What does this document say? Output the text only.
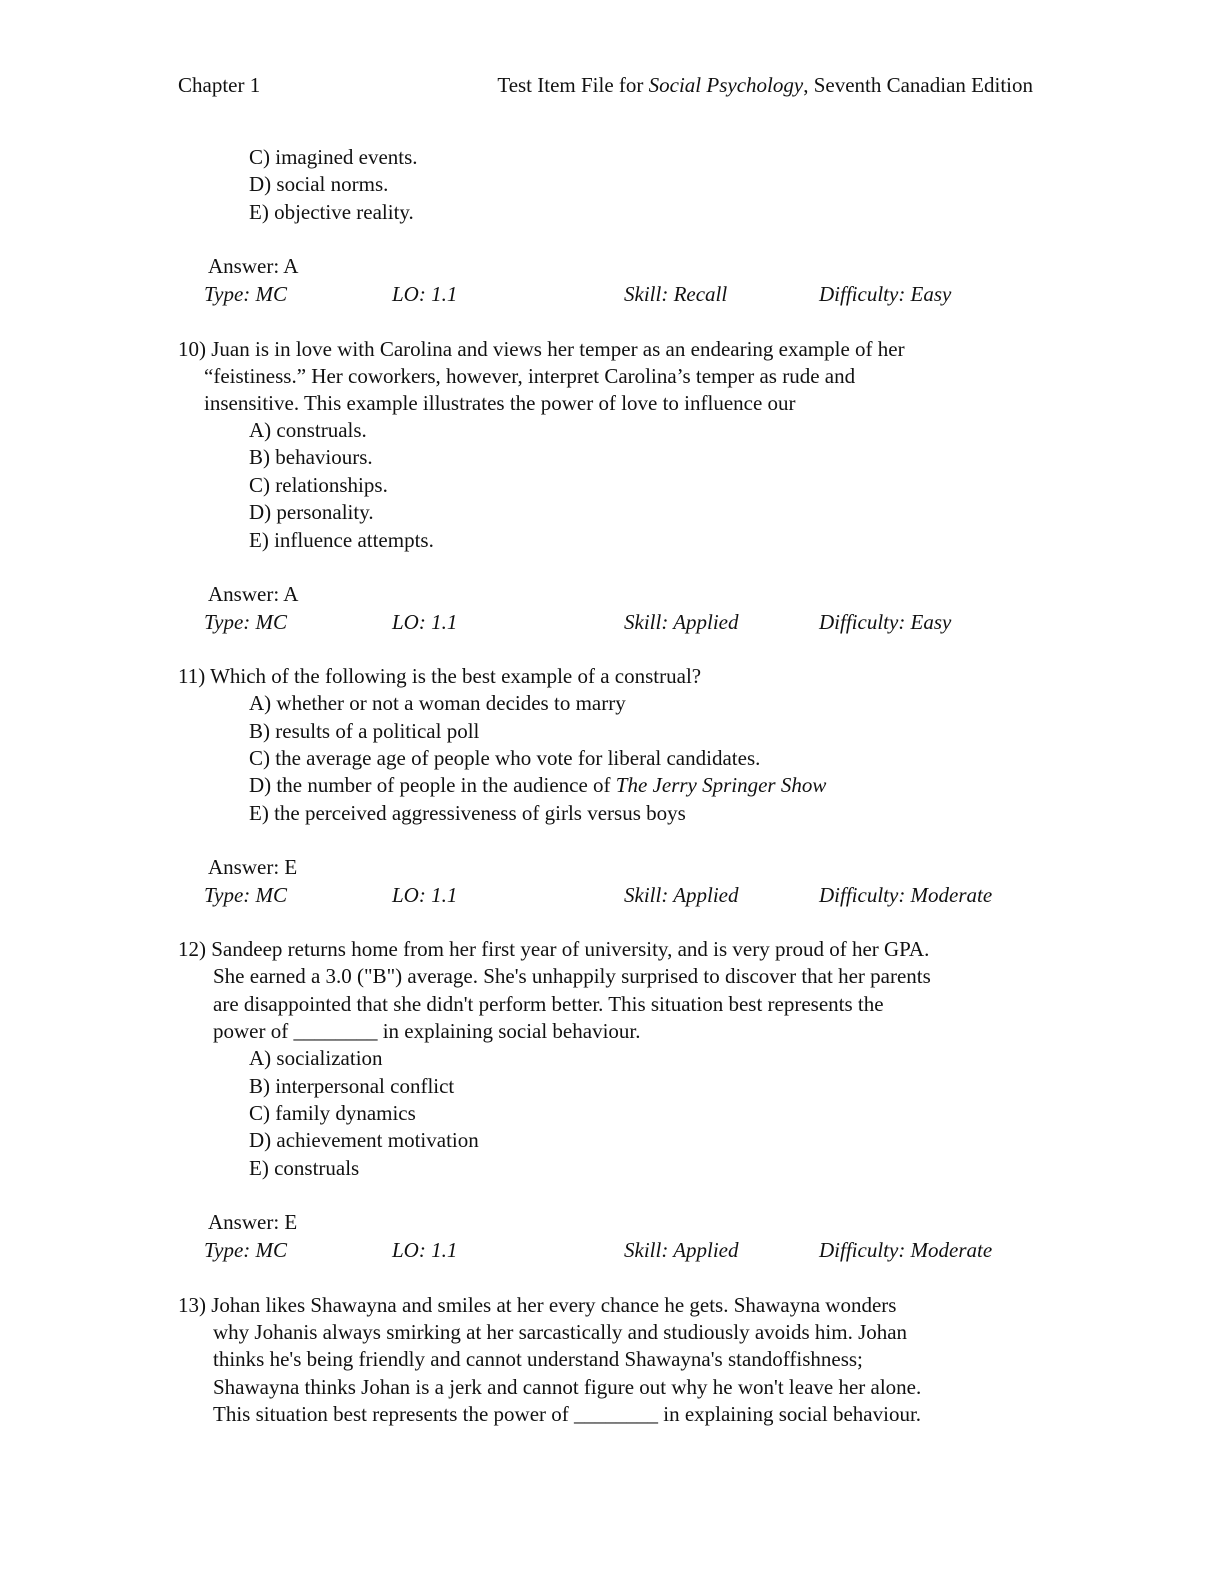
Chapter 1	Test Item File for Social Psychology, Seventh Canadian Edition
C) imagined events.
D) social norms.
E) objective reality.
Answer: A
Type: MC	LO: 1.1	Skill: Recall	Difficulty: Easy
10) Juan is in love with Carolina and views her temper as an endearing example of her
“feistiness.” Her coworkers, however, interpret Carolina’s temper as rude and
insensitive. This example illustrates the power of love to influence our
A) construals.
B) behaviours.
C) relationships.
D) personality.
E) influence attempts.
Answer: A
Type: MC	LO: 1.1	Skill: Applied	Difficulty: Easy
11) Which of the following is the best example of a construal?
A) whether or not a woman decides to marry
B) results of a political poll
C) the average age of people who vote for liberal candidates.
D) the number of people in the audience of The Jerry Springer Show
E) the perceived aggressiveness of girls versus boys
Answer: E
Type: MC	LO: 1.1	Skill: Applied	Difficulty: Moderate
12) Sandeep returns home from her first year of university, and is very proud of her GPA.
She earned a 3.0 ("B") average. She's unhappily surprised to discover that her parents
are disappointed that she didn't perform better. This situation best represents the
power of ________ in explaining social behaviour.
A) socialization
B) interpersonal conflict
C) family dynamics
D) achievement motivation
E) construals
Answer: E
Type: MC	LO: 1.1	Skill: Applied	Difficulty: Moderate
13) Johan likes Shawayna and smiles at her every chance he gets. Shawayna wonders
why Johanis always smirking at her sarcastically and studiously avoids him. Johan
thinks he's being friendly and cannot understand Shawayna's standoffishness;
Shawayna thinks Johan is a jerk and cannot figure out why he won't leave her alone.
This situation best represents the power of ________ in explaining social behaviour.
